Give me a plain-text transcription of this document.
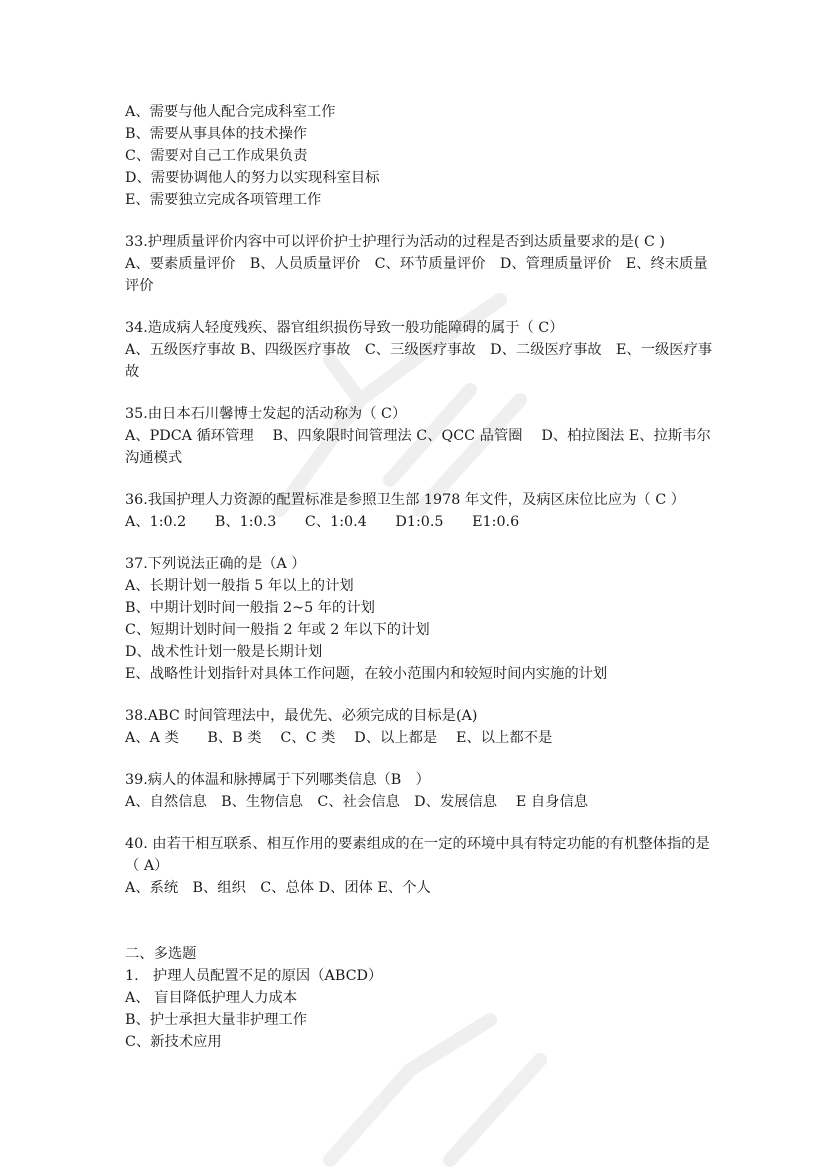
A、需要与他人配合完成科室工作
B、需要从事具体的技术操作
C、需要对自己工作成果负责
D、需要协调他人的努力以实现科室目标
E、需要独立完成各项管理工作
33.护理质量评价内容中可以评价护士护理行为活动的过程是否到达质量要求的是( C )
A、要素质量评价　B、人员质量评价　C、环节质量评价　D、管理质量评价　E、终末质量评价
34.造成病人轻度残疾、器官组织损伤导致一般功能障碍的属于（ C）
A、五级医疗事故 B、四级医疗事故　C、三级医疗事故　D、二级医疗事故　E、一级医疗事故
35.由日本石川馨博士发起的活动称为（ C）
A、PDCA 循环管理　 B、四象限时间管理法 C、QCC 品管圈　 D、柏拉图法 E、拉斯韦尔沟通模式
36.我国护理人力资源的配置标准是参照卫生部 1978 年文件，及病区床位比应为（ C ）
A、1:0.2　　B、1:0.3　　C、1:0.4　　D1:0.5　　E1:0.6
37.下列说法正确的是（A ）
A、长期计划一般指 5 年以上的计划
B、中期计划时间一般指 2~5 年的计划
C、短期计划时间一般指 2 年或 2 年以下的计划
D、战术性计划一般是长期计划
E、战略性计划指针对具体工作问题，在较小范围内和较短时间内实施的计划
38.ABC 时间管理法中，最优先、必须完成的目标是(A)
A、A 类　　B、B 类　 C、C 类　 D、以上都是　 E、以上都不是
39.病人的体温和脉搏属于下列哪类信息（B　）
A、自然信息　B、生物信息　C、社会信息　D、发展信息　 E 自身信息
40. 由若干相互联系、相互作用的要素组成的在一定的环境中具有特定功能的有机整体指的是（ A）
A、系统　B、组织　C、总体 D、团体 E、个人
二、多选题
1.　护理人员配置不足的原因（ABCD）
A、 盲目降低护理人力成本
B、护士承担大量非护理工作
C、新技术应用
